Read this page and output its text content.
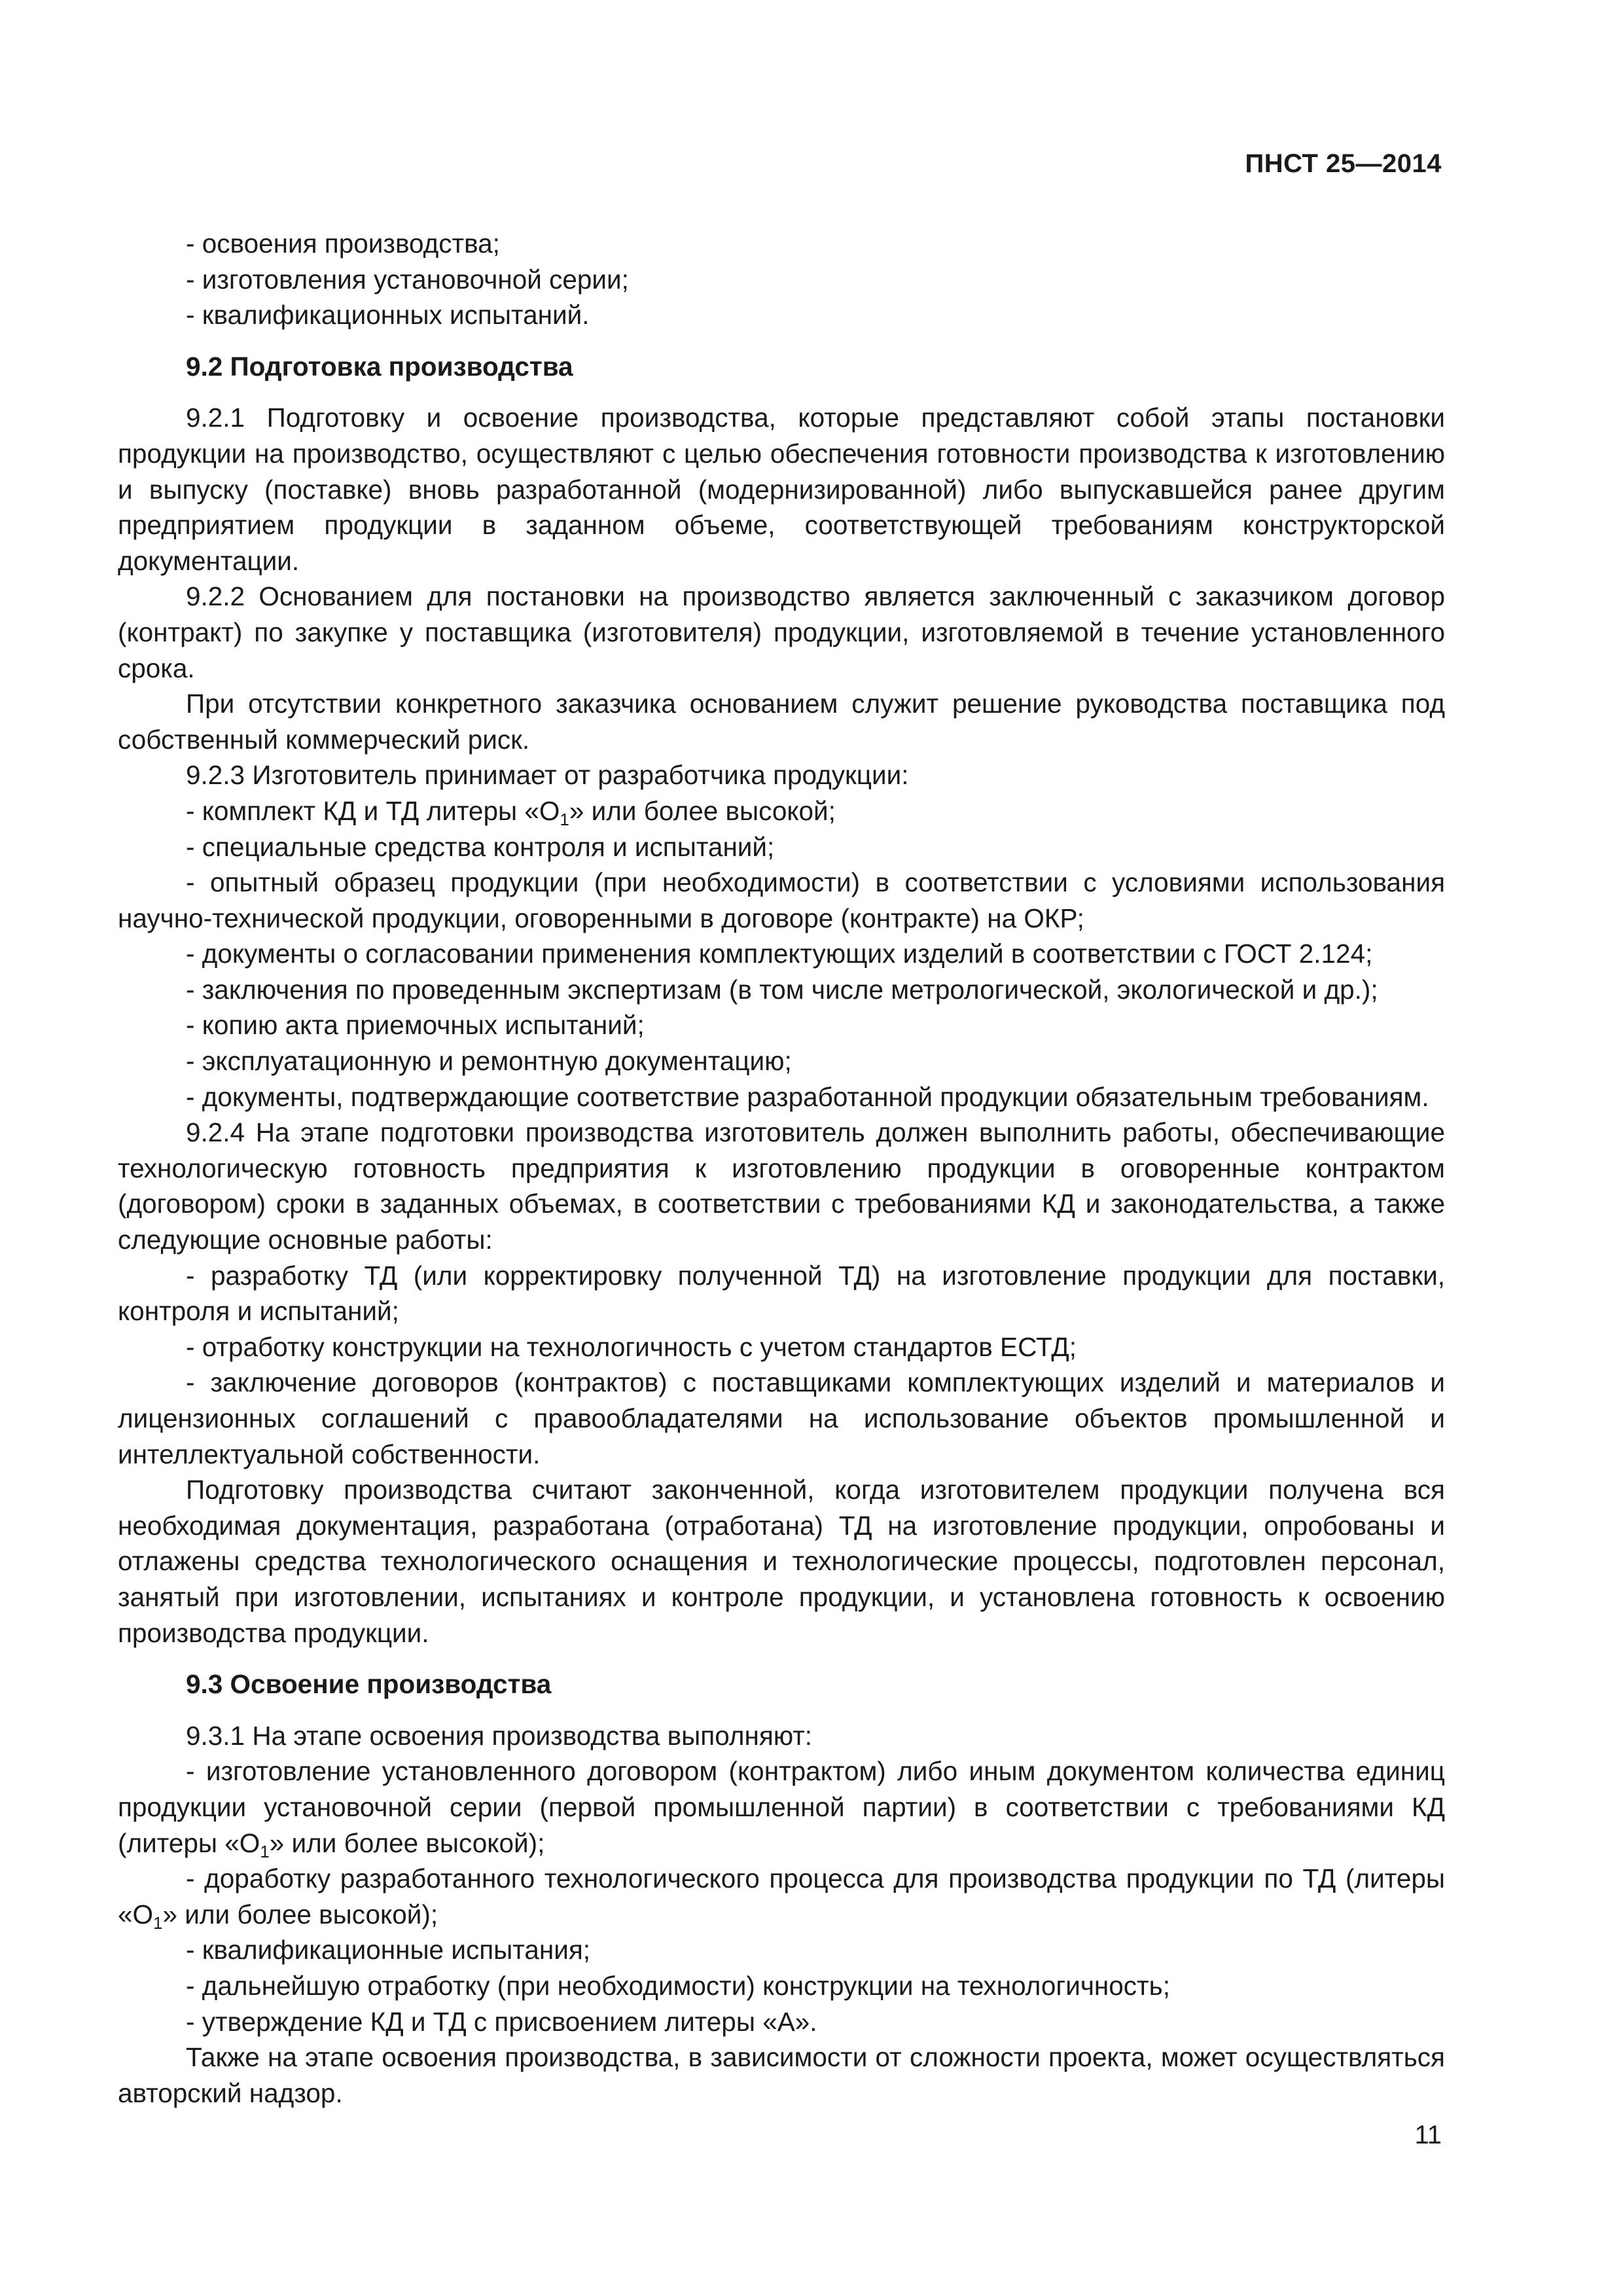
ПНСТ 25—2014

- освоения производства;

- изготовления установочной серии;

- квалификационных испытаний.

9.2 Подготовка производства

9.2.1 Подготовку и освоение производства, которые представляют собой этапы постановки продукции на производство, осуществляют с целью обеспечения готовности производства к изготовлению и выпуску (поставке) вновь разработанной (модернизированной) либо выпускавшейся ранее другим предприятием продукции в заданном объеме, соответствующей требованиям конструкторской документации.

9.2.2 Основанием для постановки на производство является заключенный с заказчиком договор (контракт) по закупке у поставщика (изготовителя) продукции, изготовляемой в течение установленного срока.

При отсутствии конкретного заказчика основанием служит решение руководства поставщика под собственный коммерческий риск.

9.2.3 Изготовитель принимает от разработчика продукции:

- комплект КД и ТД литеры «$О_1$» или более высокой;

- специальные средства контроля и испытаний;

- опытный образец продукции (при необходимости) в соответствии с условиями использования научно-технической продукции, оговоренными в договоре (контракте) на ОКР;

- документы о согласовании применения комплектующих изделий в соответствии с ГОСТ 2.124;

- заключения по проведенным экспертизам (в том числе метрологической, экологической и др.);

- копию акта приемочных испытаний;

- эксплуатационную и ремонтную документацию;

- документы, подтверждающие соответствие разработанной продукции обязательным требованиям.

9.2.4 На этапе подготовки производства изготовитель должен выполнить работы, обеспечивающие технологическую готовность предприятия к изготовлению продукции в оговоренные контрактом (договором) сроки в заданных объемах, в соответствии с требованиями КД и законодательства, а также следующие основные работы:

- разработку ТД (или корректировку полученной ТД) на изготовление продукции для поставки, контроля и испытаний;

- отработку конструкции на технологичность с учетом стандартов ЕСТД;

- заключение договоров (контрактов) с поставщиками комплектующих изделий и материалов и лицензионных соглашений с правообладателями на использование объектов промышленной и интеллектуальной собственности.

Подготовку производства считают законченной, когда изготовителем продукции получена вся необходимая документация, разработана (отработана) ТД на изготовление продукции, опробованы и отлажены средства технологического оснащения и технологические процессы, подготовлен персонал, занятый при изготовлении, испытаниях и контроле продукции, и установлена готовность к освоению производства продукции.

9.3 Освоение производства

9.3.1 На этапе освоения производства выполняют:

- изготовление установленного договором (контрактом) либо иным документом количества единиц продукции установочной серии (первой промышленной партии) в соответствии с требованиями КД (литеры «$О_1$» или более высокой);

- доработку разработанного технологического процесса для производства продукции по ТД (литеры «$О_1$» или более высокой);

- квалификационные испытания;

- дальнейшую отработку (при необходимости) конструкции на технологичность;

- утверждение КД и ТД с присвоением литеры «А».

Также на этапе освоения производства, в зависимости от сложности проекта, может осуществляться авторский надзор.

11
